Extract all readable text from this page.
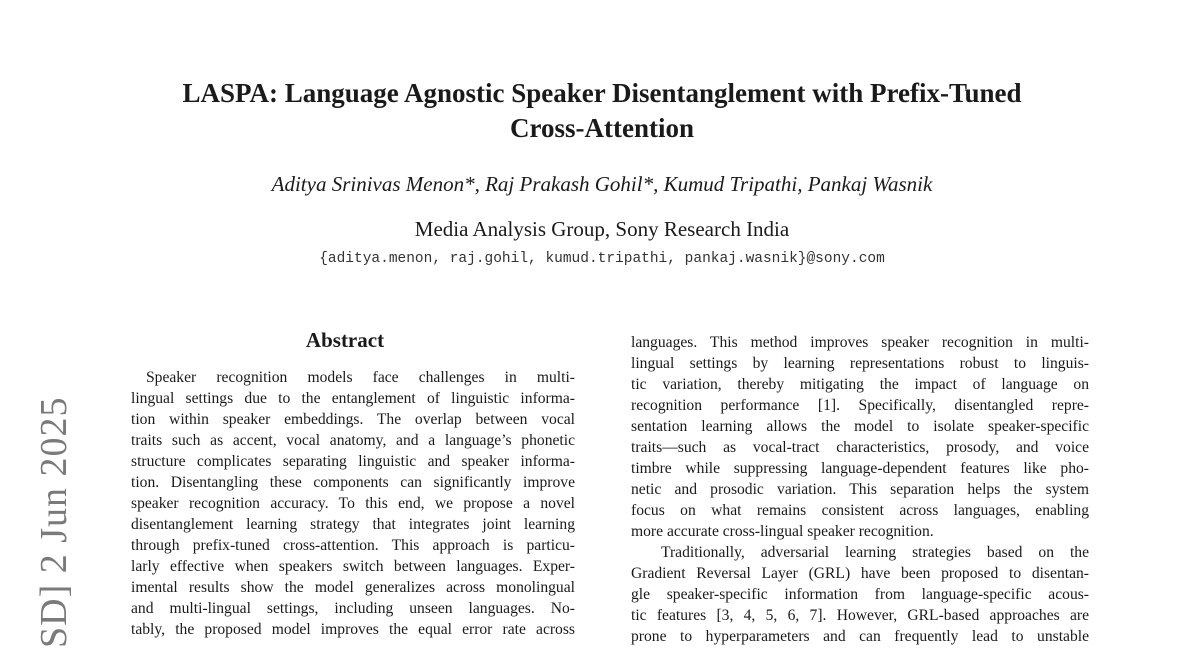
LASPA: Language Agnostic Speaker Disentanglement with Prefix-Tuned
Cross-Attention
Aditya Srinivas Menon*, Raj Prakash Gohil*, Kumud Tripathi, Pankaj Wasnik
Media Analysis Group, Sony Research India
{aditya.menon, raj.gohil, kumud.tripathi, pankaj.wasnik}@sony.com
SD] 2 Jun 2025
Abstract
Speaker recognition models face challenges in multi-
lingual settings due to the entanglement of linguistic informa-
tion within speaker embeddings. The overlap between vocal
traits such as accent, vocal anatomy, and a language’s phonetic
structure complicates separating linguistic and speaker informa-
tion. Disentangling these components can significantly improve
speaker recognition accuracy. To this end, we propose a novel
disentanglement learning strategy that integrates joint learning
through prefix-tuned cross-attention. This approach is particu-
larly effective when speakers switch between languages. Exper-
imental results show the model generalizes across monolingual
and multi-lingual settings, including unseen languages. No-
tably, the proposed model improves the equal error rate across
languages. This method improves speaker recognition in multi-
lingual settings by learning representations robust to linguis-
tic variation, thereby mitigating the impact of language on
recognition performance [1]. Specifically, disentangled repre-
sentation learning allows the model to isolate speaker-specific
traits—such as vocal-tract characteristics, prosody, and voice
timbre while suppressing language-dependent features like pho-
netic and prosodic variation. This separation helps the system
focus on what remains consistent across languages, enabling
more accurate cross-lingual speaker recognition.
Traditionally, adversarial learning strategies based on the
Gradient Reversal Layer (GRL) have been proposed to disentan-
gle speaker-specific information from language-specific acous-
tic features [3, 4, 5, 6, 7]. However, GRL-based approaches are
prone to hyperparameters and can frequently lead to unstable
